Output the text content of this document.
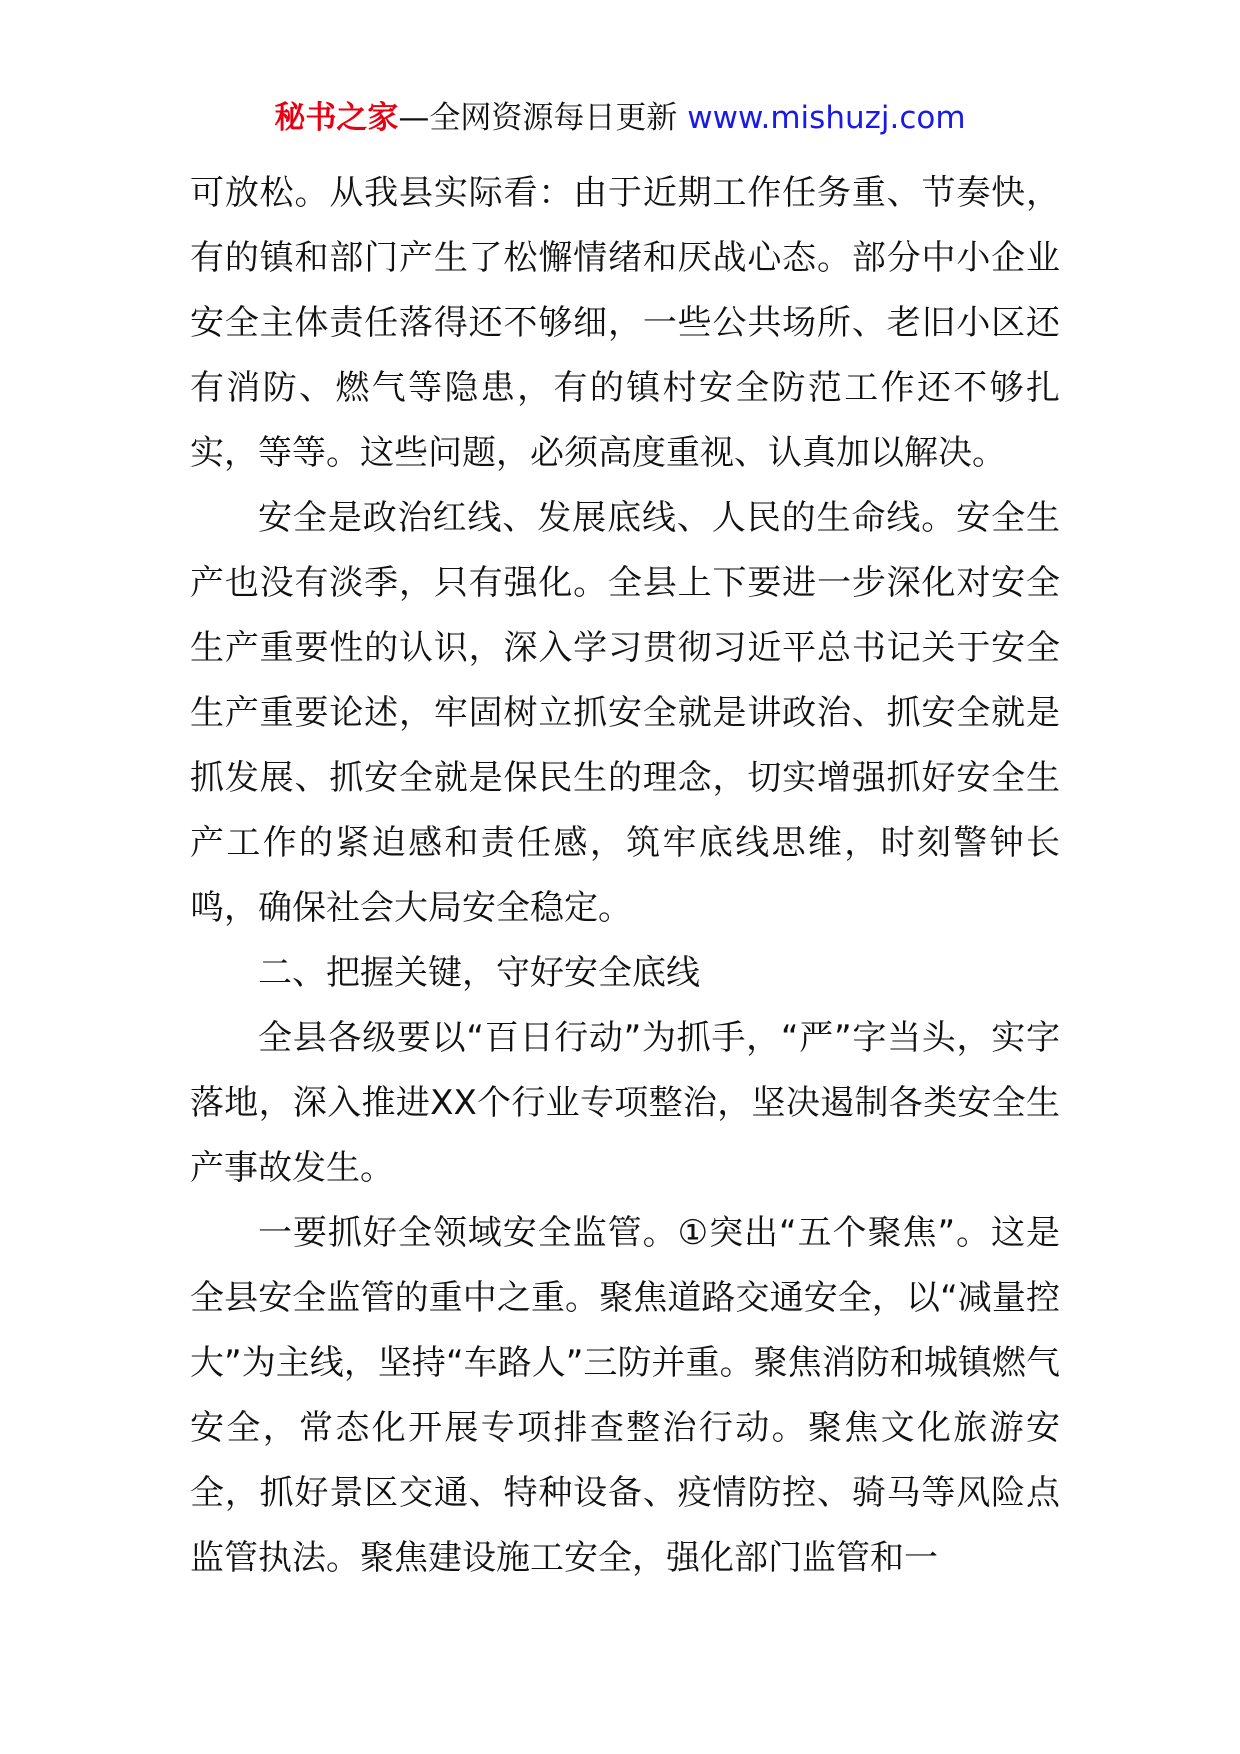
秘书之家—全网资源每日更新 www.mishuzj.com

可放松。从我县实际看：由于近期工作任务重、节奏快，有的镇和部门产生了松懈情绪和厌战心态。部分中小企业安全主体责任落得还不够细，一些公共场所、老旧小区还有消防、燃气等隐患，有的镇村安全防范工作还不够扎实，等等。这些问题，必须高度重视、认真加以解决。

安全是政治红线、发展底线、人民的生命线。安全生产也没有淡季，只有强化。全县上下要进一步深化对安全生产重要性的认识，深入学习贯彻习近平总书记关于安全生产重要论述，牢固树立抓安全就是讲政治、抓安全就是抓发展、抓安全就是保民生的理念，切实增强抓好安全生产工作的紧迫感和责任感，筑牢底线思维，时刻警钟长鸣，确保社会大局安全稳定。

二、把握关键，守好安全底线

全县各级要以“百日行动”为抓手，“严”字当头，实字落地，深入推进XX个行业专项整治，坚决遏制各类安全生产事故发生。

一要抓好全领域安全监管。①突出“五个聚焦”。这是全县安全监管的重中之重。聚焦道路交通安全，以“减量控大”为主线，坚持“车路人”三防并重。聚焦消防和城镇燃气安全，常态化开展专项排查整治行动。聚焦文化旅游安全，抓好景区交通、特种设备、疫情防控、骑马等风险点监管执法。聚焦建设施工安全，强化部门监管和一
